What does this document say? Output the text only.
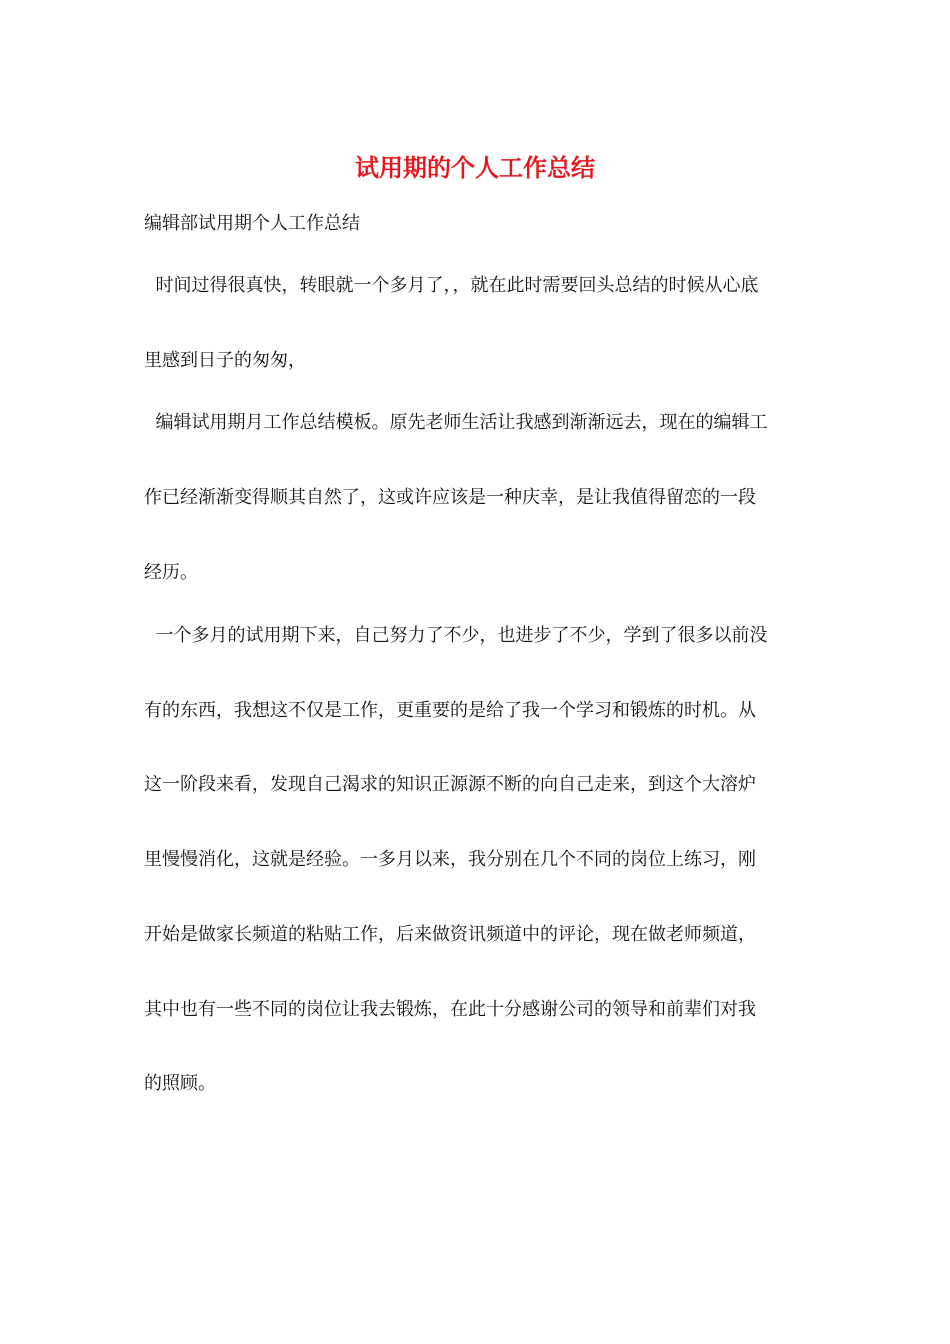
试用期的个人工作总结

编辑部试用期个人工作总结

时间过得很真快，转眼就一个多月了，，就在此时需要回头总结的时候从心底

里感到日子的匆匆，

编辑试用期月工作总结模板。原先老师生活让我感到渐渐远去，现在的编辑工

作已经渐渐变得顺其自然了，这或许应该是一种庆幸，是让我值得留恋的一段

经历。

一个多月的试用期下来，自己努力了不少，也进步了不少，学到了很多以前没

有的东西，我想这不仅是工作，更重要的是给了我一个学习和锻炼的时机。从

这一阶段来看，发现自己渴求的知识正源源不断的向自己走来，到这个大溶炉

里慢慢消化，这就是经验。一多月以来，我分别在几个不同的岗位上练习，刚

开始是做家长频道的粘贴工作，后来做资讯频道中的评论，现在做老师频道，

其中也有一些不同的岗位让我去锻炼，在此十分感谢公司的领导和前辈们对我

的照顾。
